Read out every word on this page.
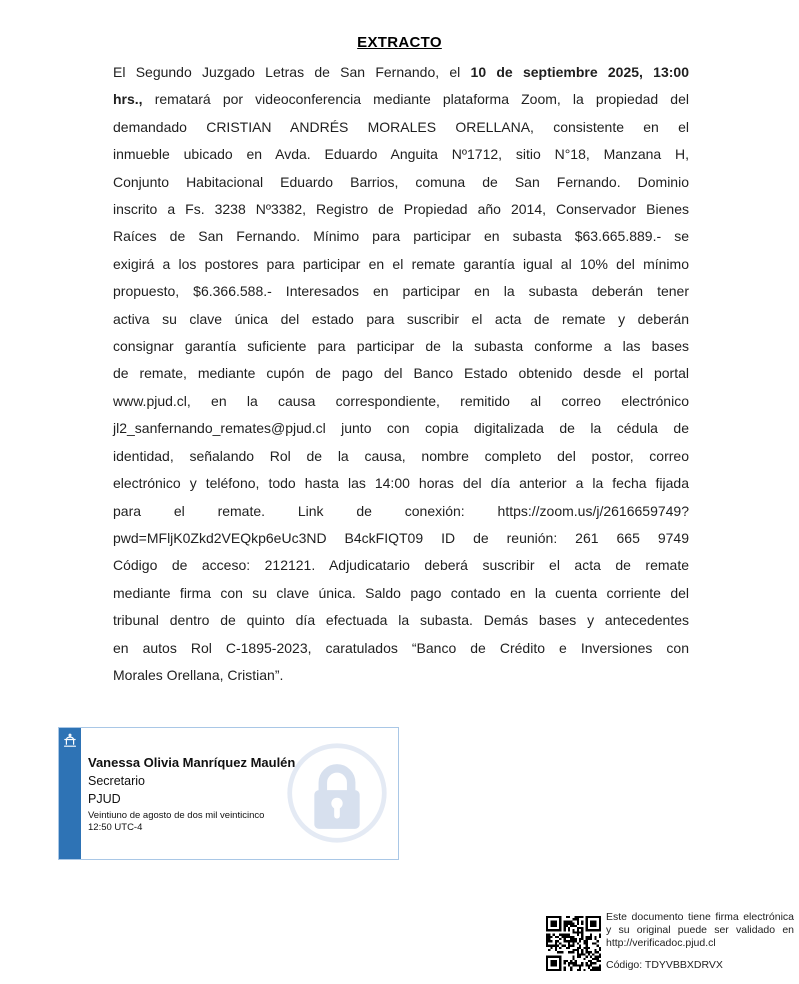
EXTRACTO
El Segundo Juzgado Letras de San Fernando, el 10 de septiembre 2025, 13:00
hrs., rematará por videoconferencia mediante plataforma Zoom, la propiedad del
demandado CRISTIAN ANDRÉS MORALES ORELLANA, consistente en el
inmueble ubicado en Avda. Eduardo Anguita Nº1712, sitio N°18, Manzana H,
Conjunto Habitacional Eduardo Barrios, comuna de San Fernando. Dominio
inscrito a Fs. 3238 Nº3382, Registro de Propiedad año 2014, Conservador Bienes
Raíces de San Fernando. Mínimo para participar en subasta $63.665.889.- se
exigirá a los postores para participar en el remate garantía igual al 10% del mínimo
propuesto, $6.366.588.- Interesados en participar en la subasta deberán tener
activa su clave única del estado para suscribir el acta de remate y deberán
consignar garantía suficiente para participar de la subasta conforme a las bases
de remate, mediante cupón de pago del Banco Estado obtenido desde el portal
www.pjud.cl, en la causa correspondiente, remitido al correo electrónico
jl2_sanfernando_remates@pjud.cl junto con copia digitalizada de la cédula de
identidad, señalando Rol de la causa, nombre completo del postor, correo
electrónico y teléfono, todo hasta las 14:00 horas del día anterior a la fecha fijada
para el remate. Link de conexión: https://zoom.us/j/2616659749?
pwd=MFljK0Zkd2VEQkp6eUc3ND B4ckFIQT09 ID de reunión: 261 665 9749
Código de acceso: 212121. Adjudicatario deberá suscribir el acta de remate
mediante firma con su clave única. Saldo pago contado en la cuenta corriente del
tribunal dentro de quinto día efectuada la subasta. Demás bases y antecedentes
en autos Rol C-1895-2023, caratulados “Banco de Crédito e Inversiones con
Morales Orellana, Cristian”.
Vanessa Olivia Manríquez Maulén
Secretario
PJUD
Veintiuno de agosto de dos mil veinticinco
12:50 UTC-4
Este documento tiene firma electrónica y su original puede ser validado en http://verificadoc.pjud.cl
Código: TDYVBBXDRVX
